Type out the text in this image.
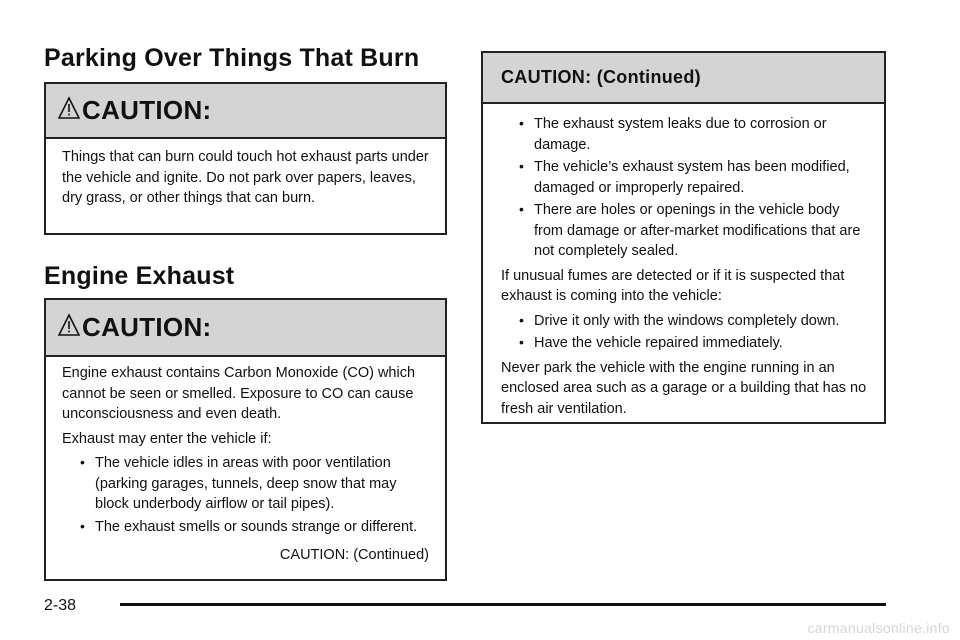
Parking Over Things That Burn
CAUTION:

Things that can burn could touch hot exhaust parts under the vehicle and ignite. Do not park over papers, leaves, dry grass, or other things that can burn.

Engine Exhaust
CAUTION:

Engine exhaust contains Carbon Monoxide (CO) which cannot be seen or smelled. Exposure to CO can cause unconsciousness and even death.

Exhaust may enter the vehicle if:

• The vehicle idles in areas with poor ventilation (parking garages, tunnels, deep snow that may block underbody airflow or tail pipes).
• The exhaust smells or sounds strange or different.
CAUTION: (Continued)
CAUTION: (Continued)
• The exhaust system leaks due to corrosion or damage.
• The vehicle’s exhaust system has been modified, damaged or improperly repaired.
• There are holes or openings in the vehicle body from damage or after-market modifications that are not completely sealed.

If unusual fumes are detected or if it is suspected that exhaust is coming into the vehicle:

• Drive it only with the windows completely down.
• Have the vehicle repaired immediately.

Never park the vehicle with the engine running in an enclosed area such as a garage or a building that has no fresh air ventilation.

2-38
carmanualsonline.info
